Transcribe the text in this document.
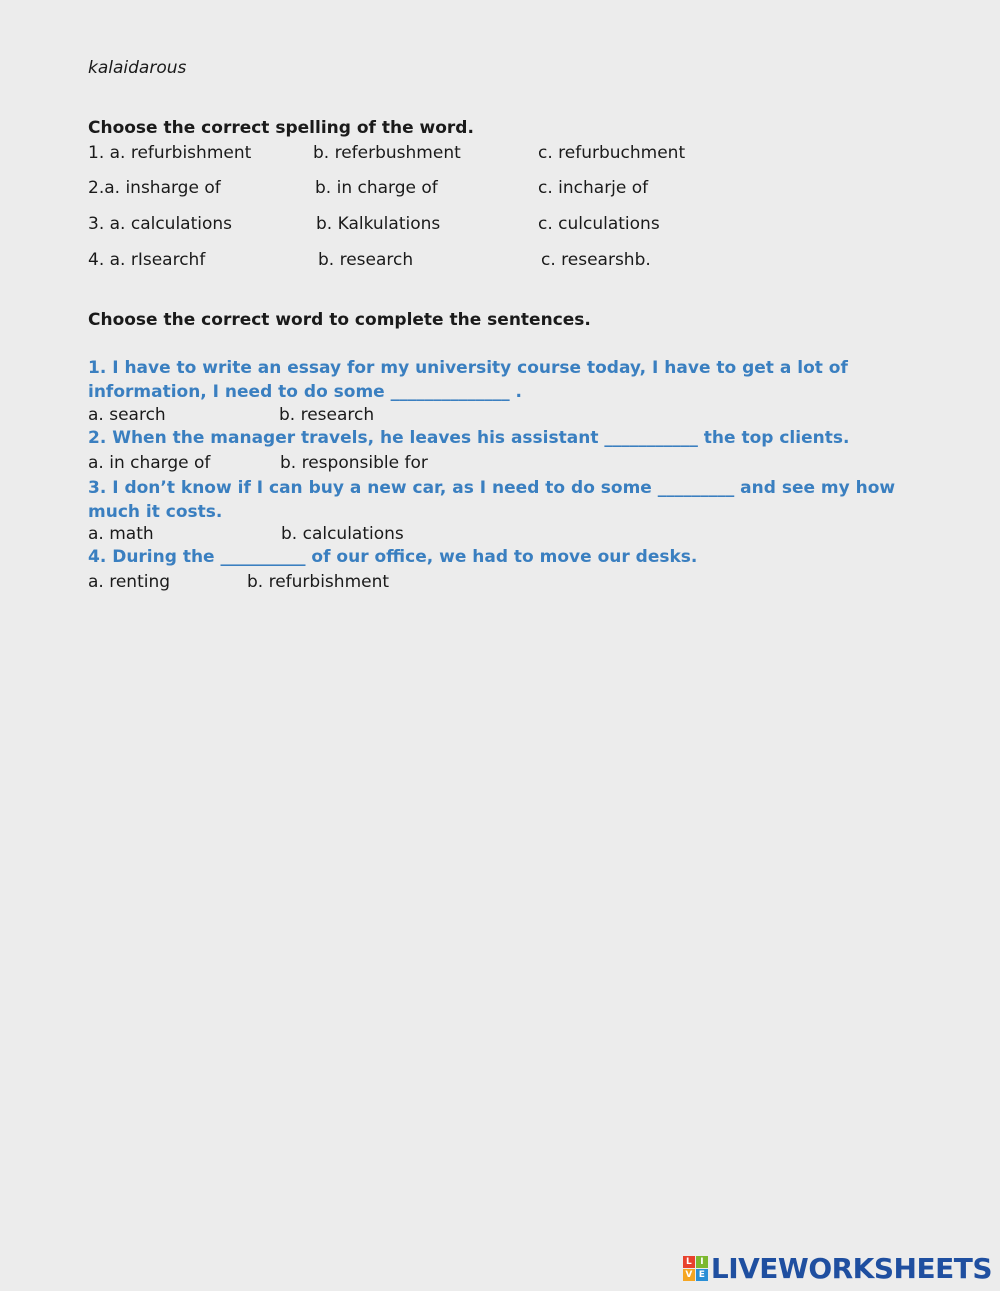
kalaidarous
Choose the correct spelling of the word.
1. a. refurbishment	b. referbushment	c. refurbuchment
2.a. insharge of	b. in charge of	c. incharje of
3. a. calculations	b. Kalkulations	c. culculations
4. a. rIsearchf	b. research	c. researshb.
Choose the correct word to complete the sentences.
1. I have to write an essay for my university course today, I have to get a lot of information, I need to do some ______________ .
a. search	b. research
2. When the manager travels, he leaves his assistant ___________ the top clients.
a. in charge of	b. responsible for
3. I don’t know if I can buy a new car, as I need to do some _________ and see my how much it costs.
a. math	b. calculations
4. During the __________ of our office, we had to move our desks.
a. renting	b. refurbishment
L I
V E LIVEWORKSHEETS
